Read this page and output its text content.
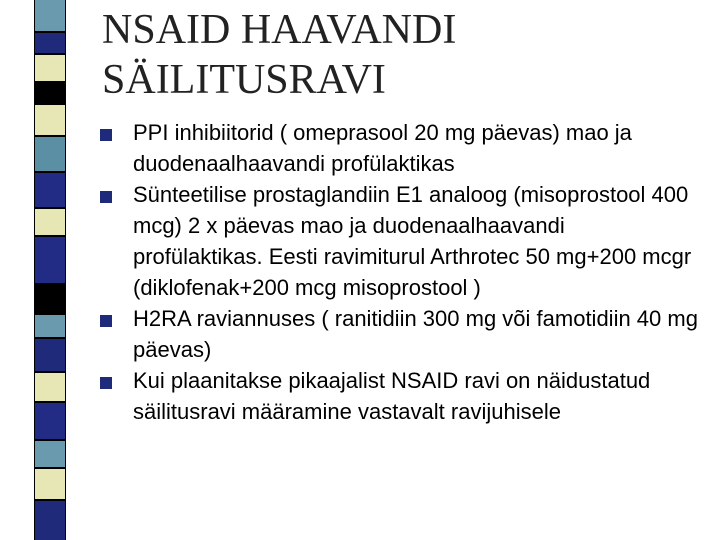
NSAID HAAVANDI
SÄILITUSRAVI
PPI inhibiitorid ( omeprasool 20 mg päevas) mao ja duodenaalhaavandi profülaktikas
Sünteetilise prostaglandiin E1 analoog (misoprostool 400 mcg) 2 x päevas mao ja duodenaalhaavandi profülaktikas. Eesti ravimiturul Arthrotec 50 mg+200 mcgr (diklofenak+200 mcg misoprostool )
H2RA raviannuses ( ranitidiin 300 mg või famotidiin 40 mg päevas)
Kui plaanitakse pikaajalist NSAID ravi on näidustatud säilitusravi määramine vastavalt ravijuhisele
